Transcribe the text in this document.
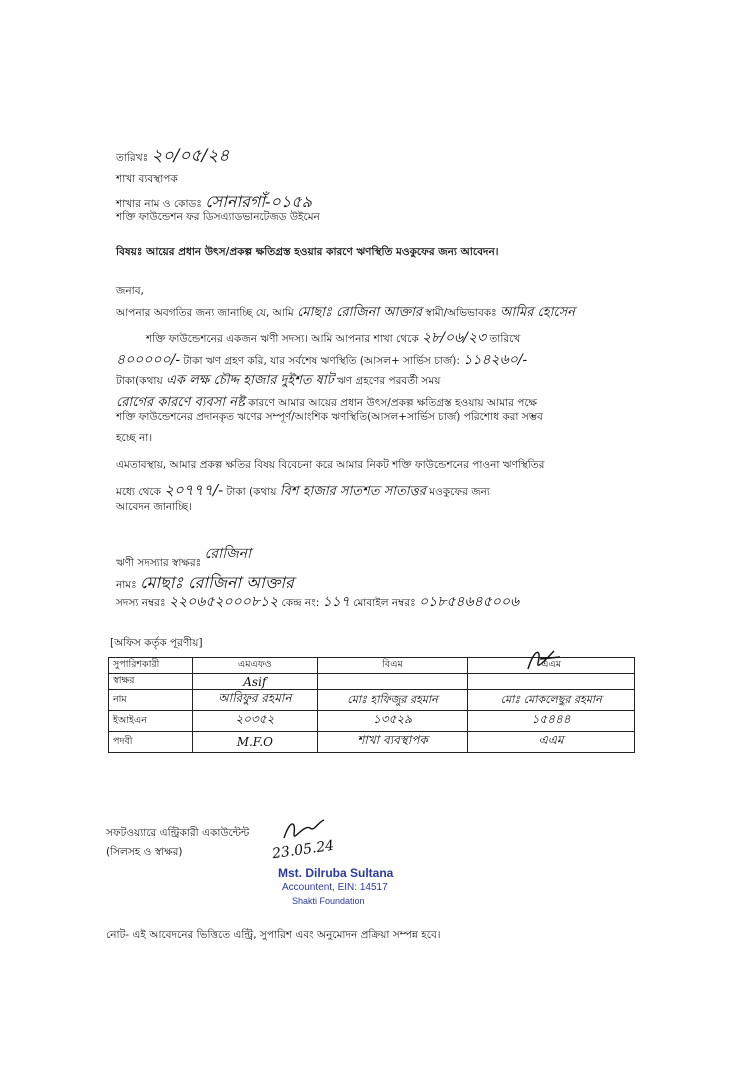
তারিখঃ ২০/০৫/২৪
শাখা ব্যবস্থাপক
শাখার নাম ও কোডঃ সোনারগাঁ-০১৫৯
শক্তি ফাউন্ডেশন ফর ডিসএ্যাডভানটেজড উইমেন
বিষয়ঃ আয়ের প্রধান উৎস/প্রকল্প ক্ষতিগ্রস্ত হওয়ার কারণে ঋণস্থিতি মওকুফের জন্য আবেদন।
জনাব,
আপনার অবগতির জন্য জানাচ্ছি যে, আমি মোছাঃ রোজিনা আক্তার স্বামী/অভিভাবকঃ আমির হোসেন
শক্তি ফাউন্ডেশনের একজন ঋণী সদস্য। আমি আপনার শাখা থেকে ২৮/০৬/২৩ তারিখে
৪০০০০০/- টাকা ঋণ গ্রহণ করি, যার সর্বশেষ ঋণস্থিতি (আসল+ সার্ভিস চার্জ): ১১৪২৬০/-
টাকা(কথায় এক লক্ষ চৌদ্দ হাজার দুইশত ষাট ঋণ গ্রহণের পরবর্তী সময়
রোগের কারণে ব্যবসা নষ্ট কারণে আমার আয়ের প্রধান উৎস/প্রকল্প ক্ষতিগ্রস্ত হওয়ায় আমার পক্ষে
শক্তি ফাউন্ডেশনের প্রদানকৃত ঋণের সম্পূর্ণ/আংশিক ঋণস্থিতি(আসল+সার্ভিস চার্জ) পরিশোধ করা সম্ভব
হচ্ছে না।
এমতাবস্থায়, আমার প্রকল্প ক্ষতির বিষয় বিবেচনা করে আমার নিকট শক্তি ফাউন্ডেশনের পাওনা ঋণস্থিতির
মধ্যে থেকে ২০৭৭৭/- টাকা (কথায় বিশ হাজার সাতশত সাতাত্তর মওকুফের জন্য
আবেদন জানাচ্ছি।
ঋণী সদস্যার স্বাক্ষরঃ রোজিনা
নামঃ মোছাঃ রোজিনা আক্তার
সদস্য নম্বরঃ ২২০৬৫২০০০৮১২ কেন্দ্র নং: ১১৭ মোবাইল নম্বরঃ ০১৮৫৪৬৪৫০০৬
[অফিস কর্তৃক পূরণীয়]
সুপারিশকারী	এমএফও	বিএম	এএম
স্বাক্ষর	Asif		
নাম	আরিফুর রহমান	মোঃ হাফিজুর রহমান	মোঃ মোকলেছুর রহমান
ইআইএন	২০৩৫২	১৩৫২৯	১৫৪৪৪
পদবী	M.F.O	শাখা ব্যবস্থাপক	এএম
সফটওয়্যারে এন্ট্রিকারী একাউন্টেন্ট
(সিলসহ ও স্বাক্ষর)	23.05.24
Mst. Dilruba Sultana
Accountent, EIN: 14517
Shakti Foundation
নোট- এই আবেদনের ভিত্তিতে এন্ট্রি, সুপারিশ এবং অনুমোদন প্রক্রিয়া সম্পন্ন হবে।
